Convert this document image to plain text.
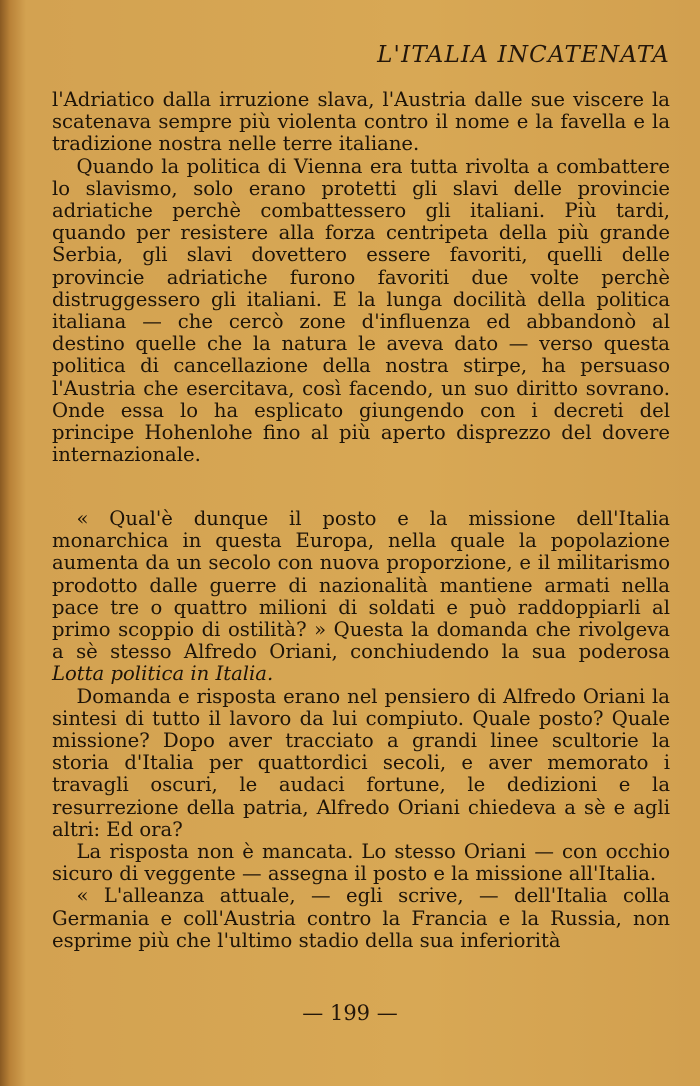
L'ITALIA INCATENATA

l'Adriatico dalla irruzione slava, l'Austria dalle sue viscere la scatenava sempre più violenta contro il nome e la favella e la tradizione nostra nelle terre italiane.

Quando la politica di Vienna era tutta rivolta a combattere lo slavismo, solo erano protetti gli slavi delle provincie adriatiche perchè combattessero gli italiani. Più tardi, quando per resistere alla forza centripeta della più grande Serbia, gli slavi dovettero essere favoriti, quelli delle provincie adriatiche furono favoriti due volte perchè distruggessero gli italiani. E la lunga docilità della politica italiana — che cercò zone d'influenza ed abbandonò al destino quelle che la natura le aveva dato — verso questa politica di cancellazione della nostra stirpe, ha persuaso l'Austria che esercitava, così facendo, un suo diritto sovrano. Onde essa lo ha esplicato giungendo con i decreti del principe Hohenlohe fino al più aperto disprezzo del dovere internazionale.

« Qual'è dunque il posto e la missione dell'Italia monarchica in questa Europa, nella quale la popolazione aumenta da un secolo con nuova proporzione, e il militarismo prodotto dalle guerre di nazionalità mantiene armati nella pace tre o quattro milioni di soldati e può raddoppiarli al primo scoppio di ostilità? » Questa la domanda che rivolgeva a sè stesso Alfredo Oriani, conchiudendo la sua poderosa Lotta politica in Italia.

Domanda e risposta erano nel pensiero di Alfredo Oriani la sintesi di tutto il lavoro da lui compiuto. Quale posto? Quale missione? Dopo aver tracciato a grandi linee scultorie la storia d'Italia per quattordici secoli, e aver memorato i travagli oscuri, le audaci fortune, le dedizioni e la resurrezione della patria, Alfredo Oriani chiedeva a sè e agli altri: Ed ora?

La risposta non è mancata. Lo stesso Oriani — con occhio sicuro di veggente — assegna il posto e la missione all'Italia.

« L'alleanza attuale, — egli scrive, — dell'Italia colla Germania e coll'Austria contro la Francia e la Russia, non esprime più che l'ultimo stadio della sua inferiorità

— 199 —
